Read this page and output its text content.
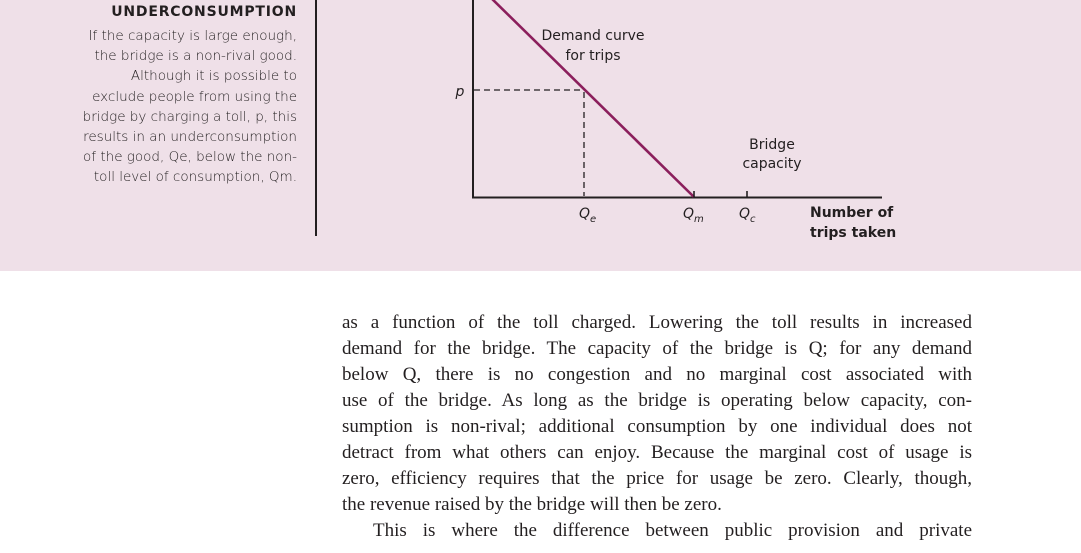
UNDERCONSUMPTION

If the capacity is large enough,
the bridge is a non-rival good.
Although it is possible to
exclude people from using the
bridge by charging a toll, p, this
results in an underconsumption
of the good, Qe, below the non-
toll level of consumption, Qm.

Demand curve
for trips
Bridge
capacity
p
$Q_e$	$Q_m$	$Q_c$	Number of
trips taken
as a function of the toll charged. Lowering the toll results in increased
demand for the bridge. The capacity of the bridge is Q; for any demand
below Q, there is no congestion and no marginal cost associated with
use of the bridge. As long as the bridge is operating below capacity, con-
sumption is non-rival; additional consumption by one individual does not
detract from what others can enjoy. Because the marginal cost of usage is
zero, efficiency requires that the price for usage be zero. Clearly, though,
the revenue raised by the bridge will then be zero.
This is where the difference between public provision and private
